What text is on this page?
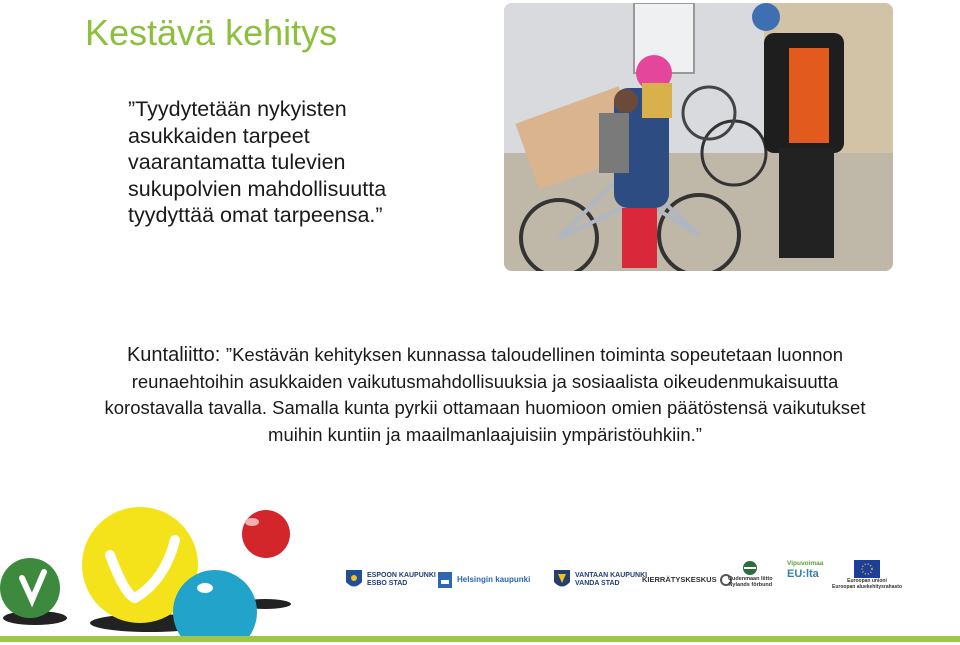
Kestävä kehitys
”Tyydytetään nykyisten
asukkaiden tarpeet
vaarantamatta tulevien
sukupolvien mahdollisuutta
tyydyttää omat tarpeensa.”
Kuntaliitto: ”Kestävän kehityksen kunnassa taloudellinen toiminta sopeutetaan luonnon reunaehtoihin asukkaiden vaikutusmahdollisuuksia ja sosiaalista oikeudenmukaisuutta korostavalla tavalla. Samalla kunta pyrkii ottamaan huomioon omien päätöstensä vaikutukset muihin kuntiin ja maailmanlaajuisiin ympäristöuhkiin.”
ESPOON KAUPUNKI
ESBO STAD	Helsingin kaupunki	VANTAAN KAUPUNKI
VANDA STAD	KIERRÄTYSKESKUS Uudenmaan liitto
Nylands förbund
Vipuvoimaa
EU:lta
Euroopan unioni
Euroopan aluekehitysrahasto
